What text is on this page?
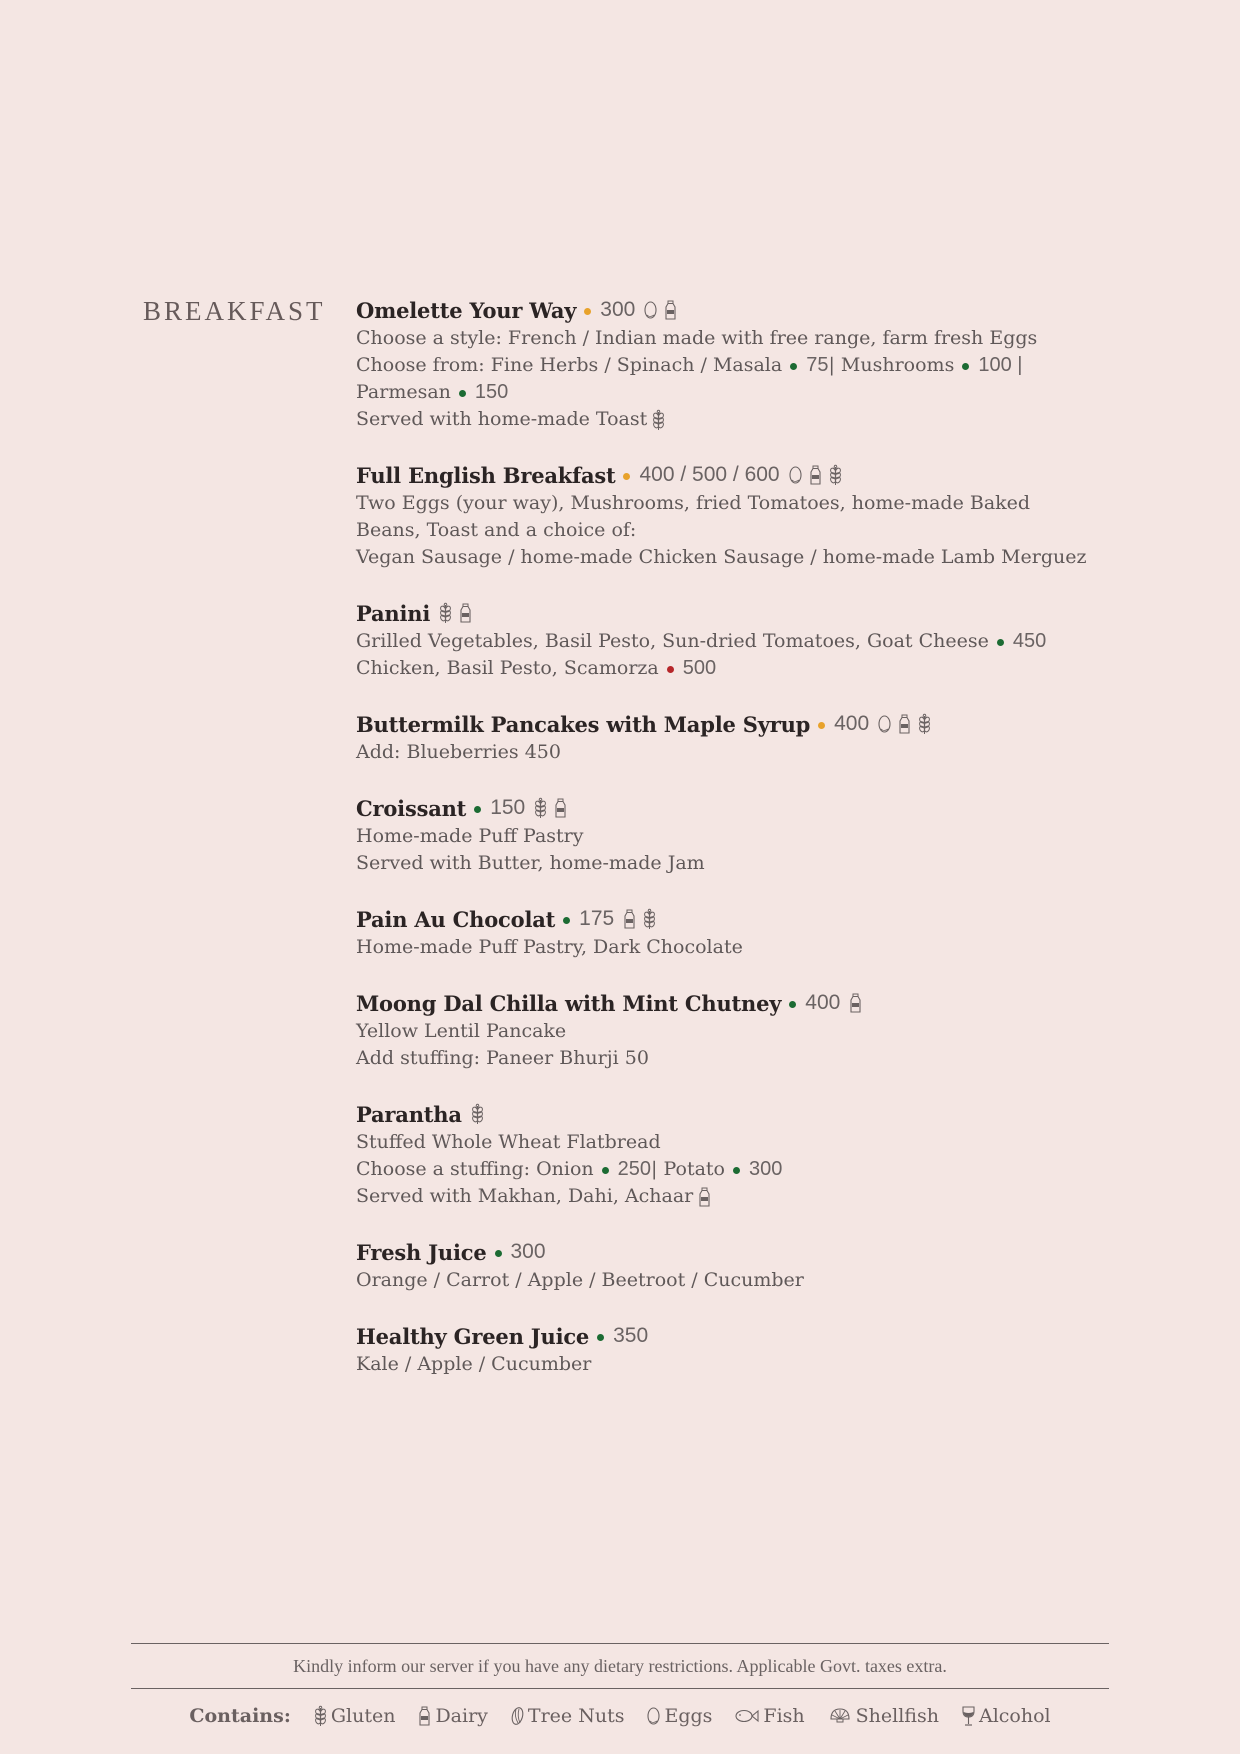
BREAKFAST Omelette Your Way 300
Choose a style: French / Indian made with free range, farm fresh Eggs
Choose from: Fine Herbs / Spinach / Masala 75 | Mushrooms 100 |
Parmesan 150
Served with home-made Toast
Full English Breakfast 400 / 500 / 600
Two Eggs (your way), Mushrooms, fried Tomatoes, home-made Baked
Beans, Toast and a choice of:
Vegan Sausage / home-made Chicken Sausage / home-made Lamb Merguez
Panini
Grilled Vegetables, Basil Pesto, Sun-dried Tomatoes, Goat Cheese 450
Chicken, Basil Pesto, Scamorza 500
Buttermilk Pancakes with Maple Syrup 400
Add: Blueberries 450
Croissant 150
Home-made Puff Pastry
Served with Butter, home-made Jam
Pain Au Chocolat 175
Home-made Puff Pastry, Dark Chocolate
Moong Dal Chilla with Mint Chutney 400
Yellow Lentil Pancake
Add stuffing: Paneer Bhurji 50
Parantha
Stuffed Whole Wheat Flatbread
Choose a stuffing: Onion 250 | Potato 300
Served with Makhan, Dahi, Achaar
Fresh Juice 300
Orange / Carrot / Apple / Beetroot / Cucumber
Healthy Green Juice 350
Kale / Apple / Cucumber
Kindly inform our server if you have any dietary restrictions. Applicable Govt. taxes extra.
Contains: Gluten Dairy Tree Nuts Eggs	Fish	Shellfish Alcohol
